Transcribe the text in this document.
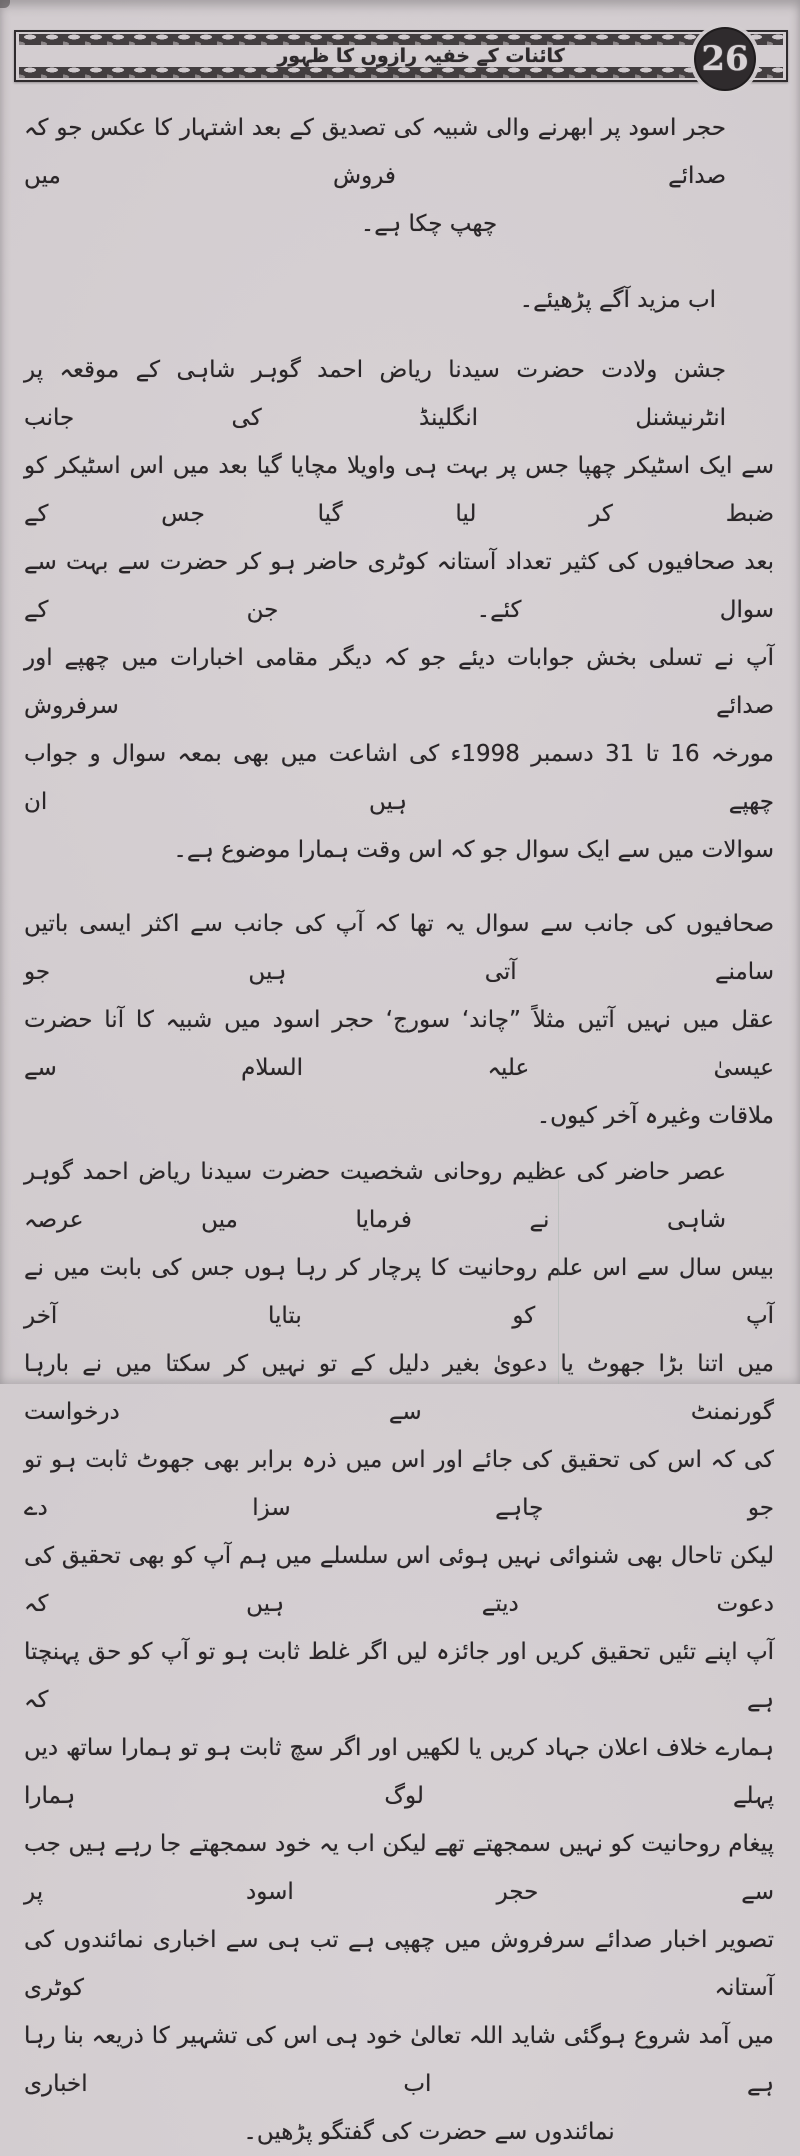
کائنات کے خفیہ رازوں کا ظہور	26
حجر اسود پر ابھرنے والی شبیہ کی تصدیق کے بعد اشتہار کا عکس جو کہ صدائے فروش میں
چھپ چکا ہے۔
اب مزید آگے پڑھیئے۔
جشن ولادت حضرت سیدنا ریاض احمد گوہر شاہی کے موقعہ پر انٹرنیشنل انگلینڈ کی جانب
سے ایک اسٹیکر چھپا جس پر بہت ہی واویلا مچایا گیا بعد میں اس اسٹیکر کو ضبط کر لیا گیا جس کے
بعد صحافیوں کی کثیر تعداد آستانہ کوٹری حاضر ہو کر حضرت سے بہت سے سوال کئے۔ جن کے
آپ نے تسلی بخش جوابات دیئے جو کہ دیگر مقامی اخبارات میں چھپے اور صدائے سرفروش
مورخہ 16 تا 31 دسمبر 1998ء کی اشاعت میں بھی بمعہ سوال و جواب چھپے ہیں ان
سوالات میں سے ایک سوال جو کہ اس وقت ہمارا موضوع ہے۔
صحافیوں کی جانب سے سوال یہ تھا کہ آپ کی جانب سے اکثر ایسی باتیں سامنے آتی ہیں جو
عقل میں نہیں آتیں مثلاً ”چاند‘ سورج‘ حجر اسود میں شبیہ کا آنا حضرت عیسیٰ علیہ السلام سے
ملاقات وغیرہ آخر کیوں۔
عصر حاضر کی عظیم روحانی شخصیت حضرت سیدنا ریاض احمد گوہر شاہی نے فرمایا میں عرصہ
بیس سال سے اس علم روحانیت کا پرچار کر رہا ہوں جس کی بابت میں نے آپ کو بتایا آخر
میں اتنا بڑا جھوٹ یا دعویٰ بغیر دلیل کے تو نہیں کر سکتا میں نے بارہا گورنمنٹ سے درخواست
کی کہ اس کی تحقیق کی جائے اور اس میں ذرہ برابر بھی جھوٹ ثابت ہو تو جو چاہے سزا دے
لیکن تاحال بھی شنوائی نہیں ہوئی اس سلسلے میں ہم آپ کو بھی تحقیق کی دعوت دیتے ہیں کہ
آپ اپنے تئیں تحقیق کریں اور جائزہ لیں اگر غلط ثابت ہو تو آپ کو حق پہنچتا ہے کہ
ہمارے خلاف اعلان جہاد کریں یا لکھیں اور اگر سچ ثابت ہو تو ہمارا ساتھ دیں پہلے لوگ ہمارا
پیغام روحانیت کو نہیں سمجھتے تھے لیکن اب یہ خود سمجھتے جا رہے ہیں جب سے حجر اسود پر
تصویر اخبار صدائے سرفروش میں چھپی ہے تب ہی سے اخباری نمائندوں کی آستانہ کوٹری
میں آمد شروع ہوگئی شاید اللہ تعالیٰ خود ہی اس کی تشہیر کا ذریعہ بنا رہا ہے اب اخباری
نمائندوں سے حضرت کی گفتگو پڑھیں۔
